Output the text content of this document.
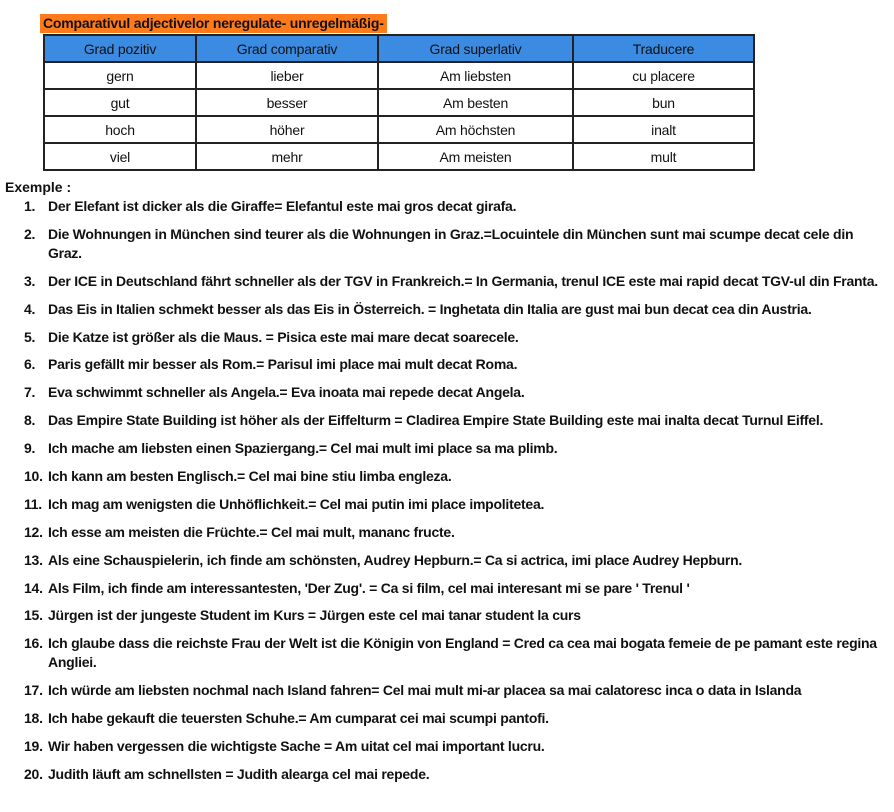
Comparativul adjectivelor neregulate- unregelmäßig-
Grad pozitiv	Grad comparativ	Grad superlativ	Traducere
gern	lieber	Am liebsten	cu placere
gut	besser	Am besten	bun
hoch	höher	Am höchsten	inalt
viel	mehr	Am meisten	mult
Exemple :
1. Der Elefant ist dicker als die Giraffe= Elefantul este mai gros decat girafa.
2. Die Wohnungen in München sind teurer als die Wohnungen in Graz.=Locuintele din München sunt mai scumpe decat cele din Graz.
3. Der ICE in Deutschland fährt schneller als der TGV in Frankreich.= In Germania, trenul ICE este mai rapid decat TGV-ul din Franta.
4. Das Eis in Italien schmekt besser als das Eis in Österreich. = Inghetata din Italia are gust mai bun decat cea din Austria.
5. Die Katze ist größer als die Maus. = Pisica este mai mare decat soarecele.
6. Paris gefällt mir besser als Rom.= Parisul imi place mai mult decat Roma.
7. Eva schwimmt schneller als Angela.= Eva inoata mai repede decat Angela.
8. Das Empire State Building ist höher als der Eiffelturm = Cladirea Empire State Building este mai inalta decat Turnul Eiffel.
9. Ich mache am liebsten einen Spaziergang.= Cel mai mult imi place sa ma plimb.
10. Ich kann am besten Englisch.= Cel mai bine stiu limba engleza.
11. Ich mag am wenigsten die Unhöflichkeit.= Cel mai putin imi place impolitetea.
12. Ich esse am meisten die Früchte.= Cel mai mult, mananc fructe.
13. Als eine Schauspielerin, ich finde am schönsten, Audrey Hepburn.= Ca si actrica, imi place Audrey Hepburn.
14. Als Film, ich finde am interessantesten, 'Der Zug'. = Ca si film, cel mai interesant mi se pare ' Trenul '
15. Jürgen ist der jungeste Student im Kurs = Jürgen este cel mai tanar student la curs
16. Ich glaube dass die reichste Frau der Welt ist die Königin von England = Cred ca cea mai bogata femeie de pe pamant este regina Angliei.
17. Ich würde am liebsten nochmal nach Island fahren= Cel mai mult mi-ar placea sa mai calatoresc inca o data in Islanda
18. Ich habe gekauft die teuersten Schuhe.= Am cumparat cei mai scumpi pantofi.
19. Wir haben vergessen die wichtigste Sache = Am uitat cel mai important lucru.
20. Judith läuft am schnellsten = Judith alearga cel mai repede.
